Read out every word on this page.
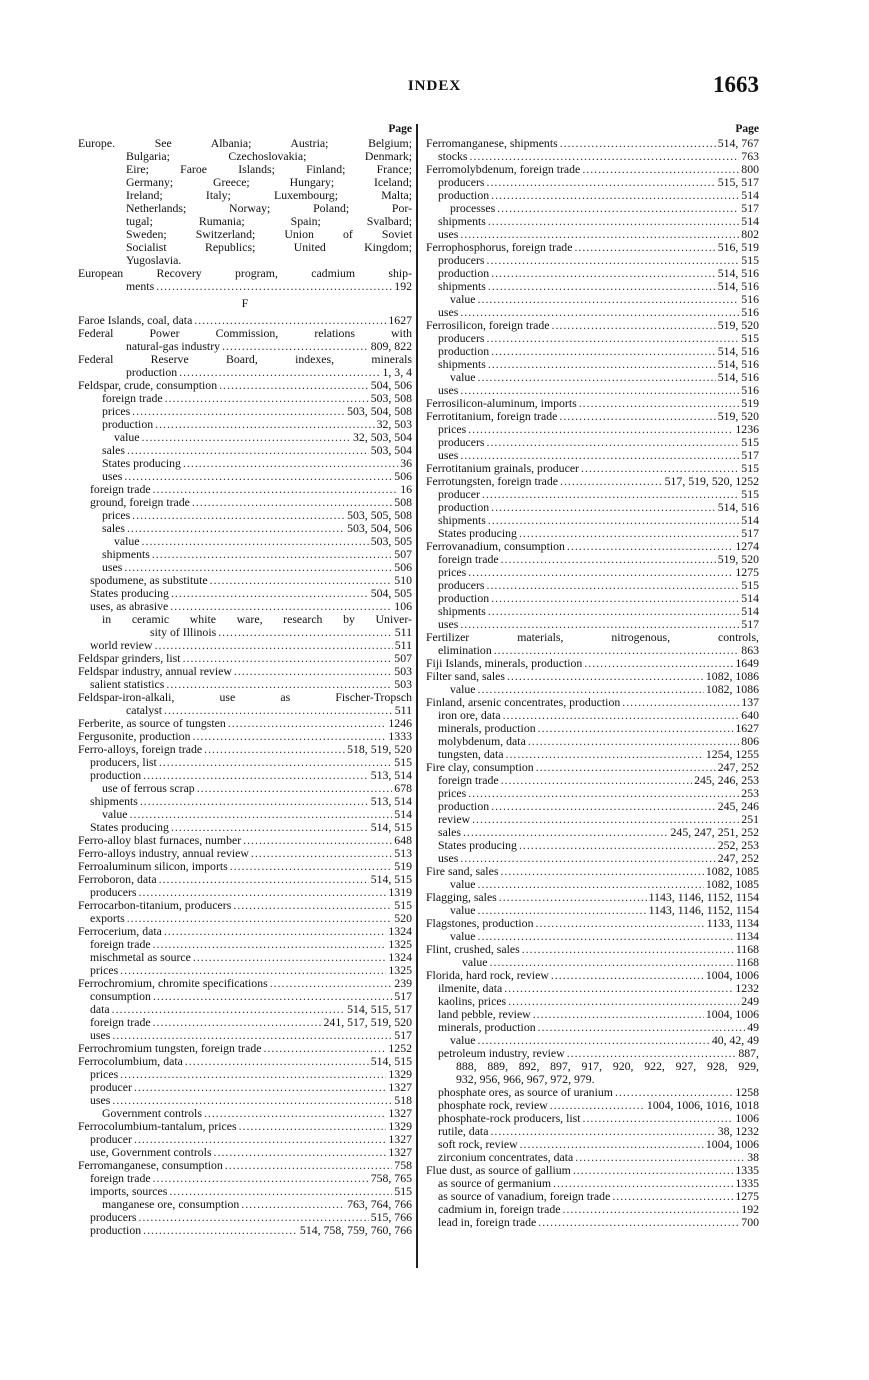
INDEX	1663
Page
Europe. See Albania; Austria; Belgium;
Bulgaria; Czechoslovakia; Denmark;
Eire; Faroe Islands; Finland; France;
Germany; Greece; Hungary; Iceland;
Ireland; Italy; Luxembourg; Malta;
Netherlands; Norway; Poland; Por-
tugal; Rumania; Spain; Svalbard;
Sweden; Switzerland; Union of Soviet
Socialist Republics; United Kingdom;
Yugoslavia.
European Recovery program, cadmium ship-
ments .....	192
F
Faroe Islands, coal, data .....	1627
Federal Power Commission, relations with
natural-gas industry .....	809, 822
Federal Reserve Board, indexes, minerals
production .....	1, 3, 4
Feldspar, crude, consumption .....	504, 506
foreign trade .....	503, 508
prices .....	503, 504, 508
production .....	32, 503
value .....	32, 503, 504
sales .....	503, 504
States producing .....	36
uses .....	506
foreign trade .....	16
ground, foreign trade .....	508
prices .....	503, 505, 508
sales .....	503, 504, 506
value .....	503, 505
shipments .....	507
uses .....	506
spodumene, as substitute .....	510
States producing .....	504, 505
uses, as abrasive .....	106
in ceramic white ware, research by Univer-
sity of Illinois .....	511
world review .....	511
Feldspar grinders, list .....	507
Feldspar industry, annual review .....	503
salient statistics .....	503
Feldspar-iron-alkali, use as Fischer-Tropsch
catalyst .....	511
Ferberite, as source of tungsten .....	1246
Fergusonite, production .....	1333
Ferro-alloys, foreign trade .....	518, 519, 520
producers, list .....	515
production .....	513, 514
use of ferrous scrap .....	678
shipments .....	513, 514
value .....	514
States producing .....	514, 515
Ferro-alloy blast furnaces, number .....	648
Ferro-alloys industry, annual review .....	513
Ferroaluminum silicon, imports .....	519
Ferroboron, data .....	514, 515
producers .....	1319
Ferrocarbon-titanium, producers .....	515
exports .....	520
Ferrocerium, data .....	1324
foreign trade .....	1325
mischmetal as source .....	1324
prices .....	1325
Ferrochromium, chromite specifications .....	239
consumption .....	517
data .....	514, 515, 517
foreign trade .....	241, 517, 519, 520
uses .....	517
Ferrochromium tungsten, foreign trade .....	1252
Ferrocolumbium, data .....	514, 515
prices .....	1329
producer .....	1327
uses .....	518
Government controls .....	1327
Ferrocolumbium-tantalum, prices .....	1329
producer .....	1327
use, Government controls .....	1327
Ferromanganese, consumption .....	758
foreign trade .....	758, 765
imports, sources .....	515
manganese ore, consumption .....	763, 764, 766
producers .....	515, 766
production .....	514, 758, 759, 760, 766
Page
Ferromanganese, shipments .....	514, 767
stocks .....	763
Ferromolybdenum, foreign trade .....	800
producers .....	515, 517
production .....	514
processes .....	517
shipments .....	514
uses .....	802
Ferrophosphorus, foreign trade .....	516, 519
producers .....	515
production .....	514, 516
shipments .....	514, 516
value .....	516
uses .....	516
Ferrosilicon, foreign trade .....	519, 520
producers .....	515
production .....	514, 516
shipments .....	514, 516
value .....	514, 516
uses .....	516
Ferrosilicon-aluminum, imports .....	519
Ferrotitanium, foreign trade .....	519, 520
prices .....	1236
producers .....	515
uses .....	517
Ferrotitanium grainals, producer .....	515
Ferrotungsten, foreign trade .....	517, 519, 520, 1252
producer .....	515
production .....	514, 516
shipments .....	514
States producing .....	517
Ferrovanadium, consumption .....	1274
foreign trade .....	519, 520
prices .....	1275
producers .....	515
production .....	514
shipments .....	514
uses .....	517
Fertilizer materials, nitrogenous, controls,
elimination .....	863
Fiji Islands, minerals, production .....	1649
Filter sand, sales .....	1082, 1086
value .....	1082, 1086
Finland, arsenic concentrates, production .....	137
iron ore, data .....	640
minerals, production .....	1627
molybdenum, data .....	806
tungsten, data .....	1254, 1255
Fire clay, consumption .....	247, 252
foreign trade .....	245, 246, 253
prices .....	253
production .....	245, 246
review .....	251
sales .....	245, 247, 251, 252
States producing .....	252, 253
uses .....	247, 252
Fire sand, sales .....	1082, 1085
value .....	1082, 1085
Flagging, sales .....	1143, 1146, 1152, 1154
value .....	1143, 1146, 1152, 1154
Flagstones, production .....	1133, 1134
value .....	1134
Flint, crushed, sales .....	1168
value .....	1168
Florida, hard rock, review .....	1004, 1006
ilmenite, data .....	1232
kaolins, prices .....	249
land pebble, review .....	1004, 1006
minerals, production .....	49
value .....	40, 42, 49
petroleum industry, review .....	887,
888, 889, 892, 897, 917, 920, 922, 927, 928, 929,
932, 956, 966, 967, 972, 979.
phosphate ores, as source of uranium .....	1258
phosphate rock, review .....	1004, 1006, 1016, 1018
phosphate-rock producers, list .....	1006
rutile, data .....	38, 1232
soft rock, review .....	1004, 1006
zirconium concentrates, data .....	38
Flue dust, as source of gallium .....	1335
as source of germanium .....	1335
as source of vanadium, foreign trade .....	1275
cadmium in, foreign trade .....	192
lead in, foreign trade .....	700
